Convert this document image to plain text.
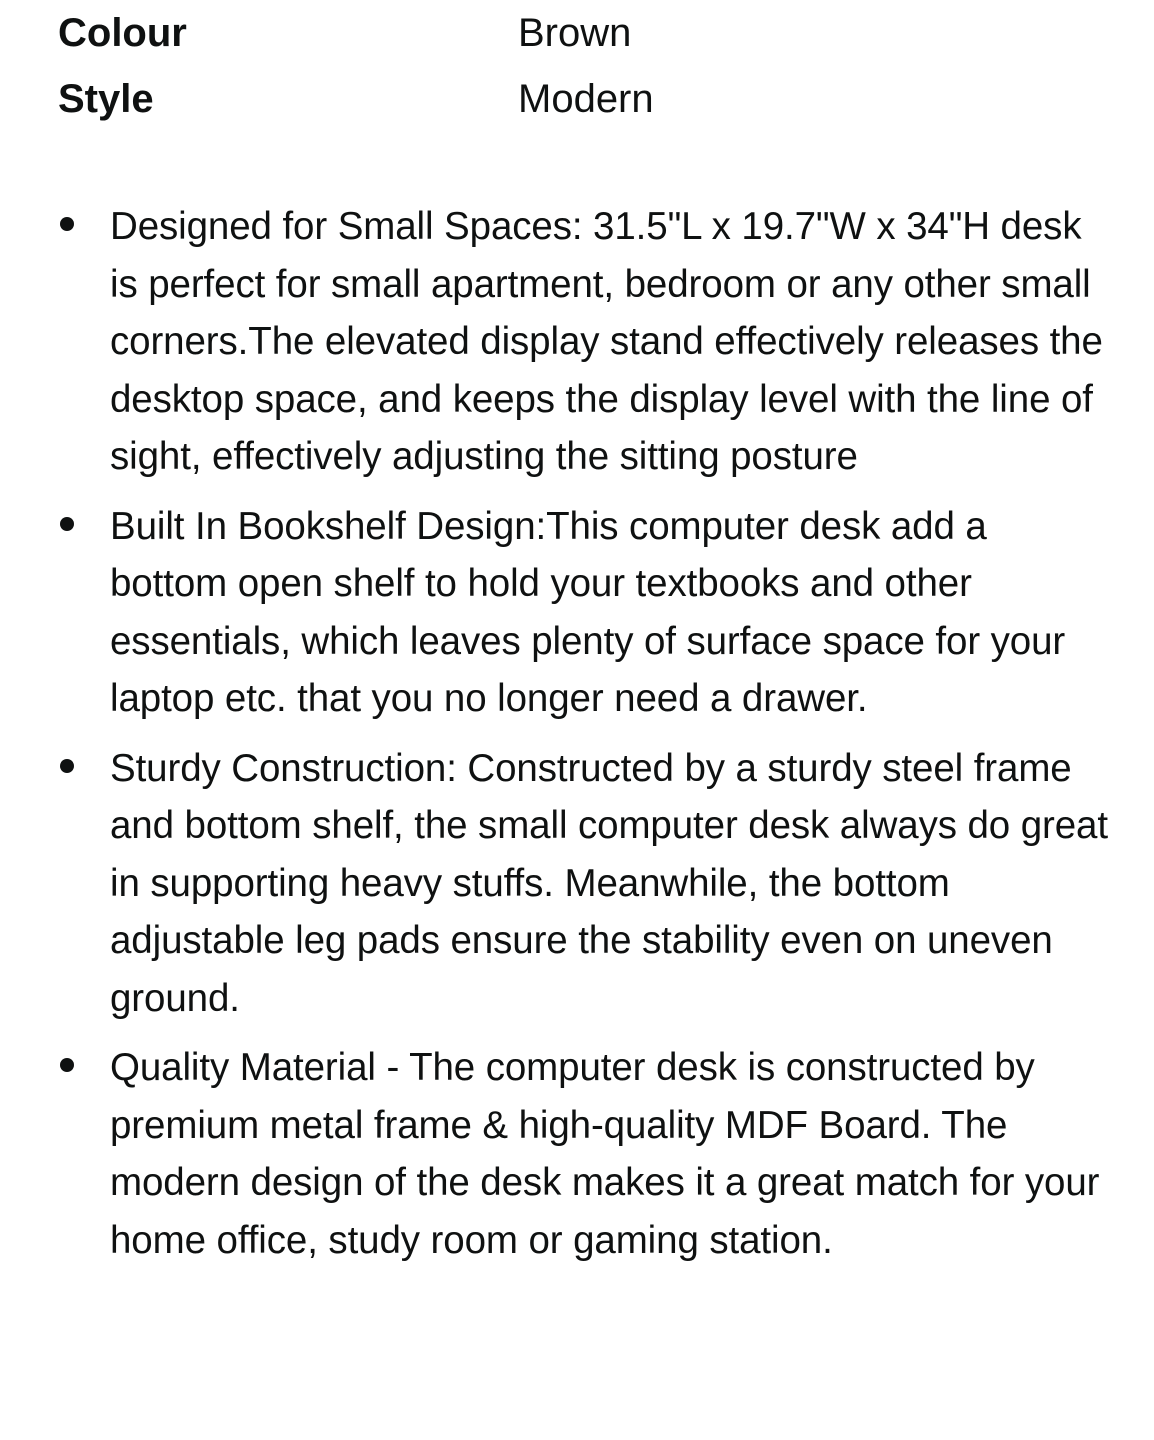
Colour	Brown
Style	Modern
Designed for Small Spaces: 31.5"L x 19.7"W x 34"H desk is perfect for small apartment, bedroom or any other small corners.The elevated display stand effectively releases the desktop space, and keeps the display level with the line of sight, effectively adjusting the sitting posture
Built In Bookshelf Design:This computer desk add a bottom open shelf to hold your textbooks and other essentials, which leaves plenty of surface space for your laptop etc. that you no longer need a drawer.
Sturdy Construction: Constructed by a sturdy steel frame and bottom shelf, the small computer desk always do great in supporting heavy stuffs. Meanwhile, the bottom adjustable leg pads ensure the stability even on uneven ground.
Quality Material - The computer desk is constructed by premium metal frame & high-quality MDF Board. The modern design of the desk makes it a great match for your home office, study room or gaming station.
